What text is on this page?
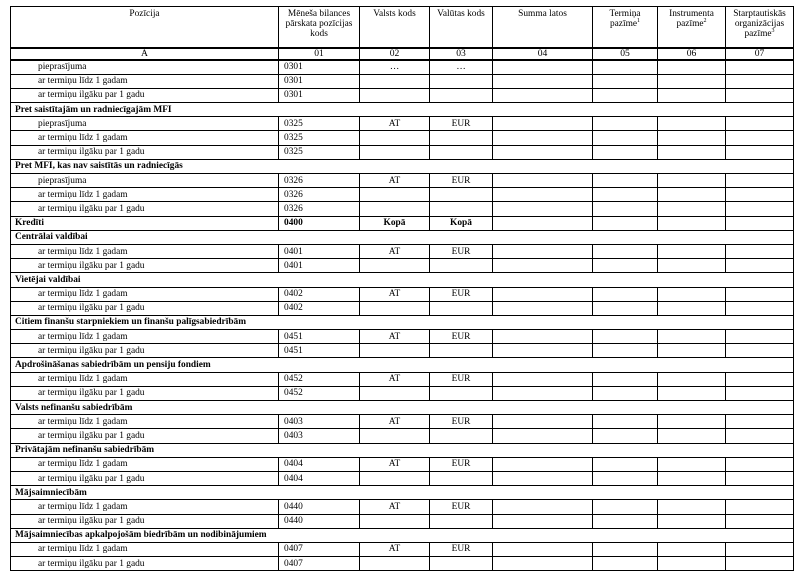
Pozīcija	Mēneša bilances pārskata pozīcijas kods	Valsts kods	Valūtas kods	Summa latos	Termiņa pazīme$^1$	Instrumenta pazīme$^2$	Starptautiskās organizācijas pazīme$^3$
A	01	02	03	04	05	06	07
pieprasījuma	0301	…	…				
ar termiņu līdz 1 gadam	0301						
ar termiņu ilgāku par 1 gadu	0301						
Pret saistītajām un radniecīgajām MFI							
pieprasījuma	0325	AT	EUR				
ar termiņu līdz 1 gadam	0325						
ar termiņu ilgāku par 1 gadu	0325						
Pret MFI, kas nav saistītās un radniecīgās							
pieprasījuma	0326	AT	EUR				
ar termiņu līdz 1 gadam	0326						
ar termiņu ilgāku par 1 gadu	0326						
Kredīti	0400	Kopā	Kopā				
Centrālai valdībai							
ar termiņu līdz 1 gadam	0401	AT	EUR				
ar termiņu ilgāku par 1 gadu	0401						
Vietējai valdībai							
ar termiņu līdz 1 gadam	0402	AT	EUR				
ar termiņu ilgāku par 1 gadu	0402						
Citiem finanšu starpniekiem un finanšu palīgsabiedrībām							
ar termiņu līdz 1 gadam	0451	AT	EUR				
ar termiņu ilgāku par 1 gadu	0451						
Apdrošināšanas sabiedrībām un pensiju fondiem							
ar termiņu līdz 1 gadam	0452	AT	EUR				
ar termiņu ilgāku par 1 gadu	0452						
Valsts nefinanšu sabiedrībām							
ar termiņu līdz 1 gadam	0403	AT	EUR				
ar termiņu ilgāku par 1 gadu	0403						
Privātajām nefinanšu sabiedrībām							
ar termiņu līdz 1 gadam	0404	AT	EUR				
ar termiņu ilgāku par 1 gadu	0404						
Mājsaimniecībām							
ar termiņu līdz 1 gadam	0440	AT	EUR				
ar termiņu ilgāku par 1 gadu	0440						
Mājsaimniecības apkalpojošām biedrībām un nodibinājumiem							
ar termiņu līdz 1 gadam	0407	AT	EUR				
ar termiņu ilgāku par 1 gadu	0407						
